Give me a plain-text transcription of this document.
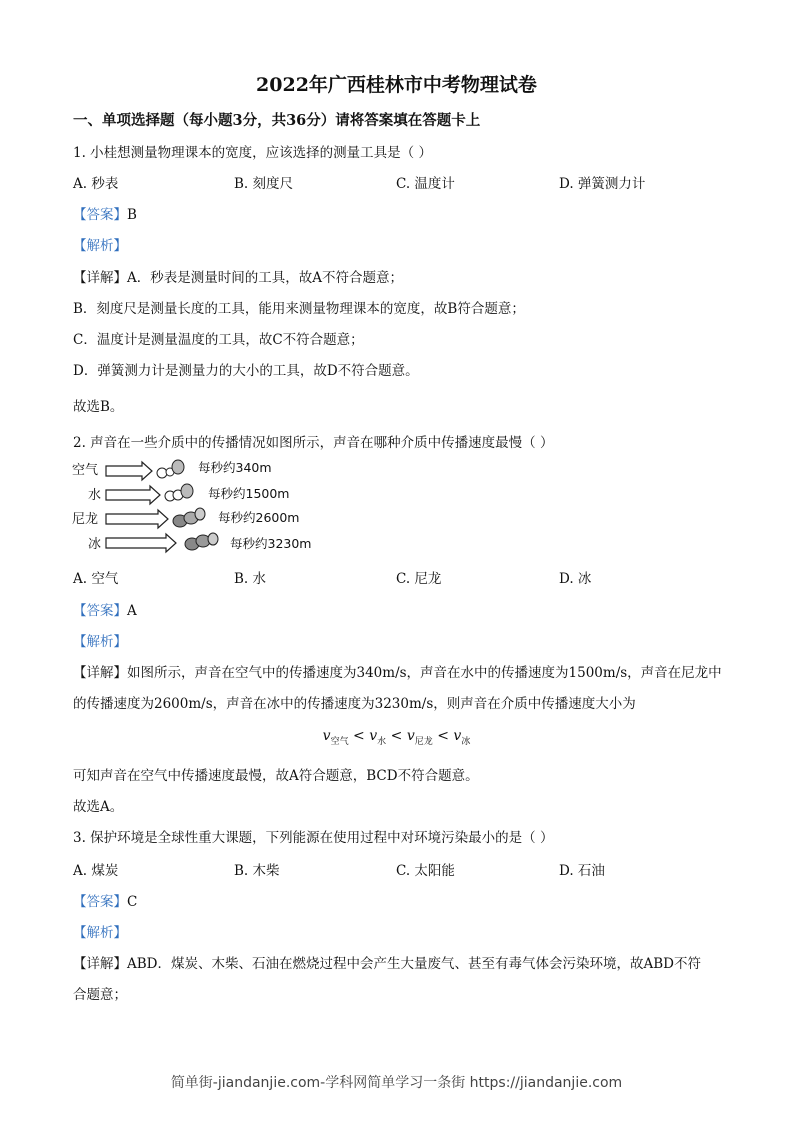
2022年广西桂林市中考物理试卷
一、单项选择题（每小题3分，共36分）请将答案填在答题卡上
1. 小桂想测量物理课本的宽度，应该选择的测量工具是（ ）
A. 秒表	B. 刻度尺	C. 温度计	D. 弹簧测力计
【答案】B
【解析】
【详解】A．秒表是测量时间的工具，故A不符合题意；
B．刻度尺是测量长度的工具，能用来测量物理课本的宽度，故B符合题意；
C．温度计是测量温度的工具，故C不符合题意；
D．弹簧测力计是测量力的大小的工具，故D不符合题意。
故选B。
2. 声音在一些介质中的传播情况如图所示，声音在哪种介质中传播速度最慢（ ）
空气	每秒约340m
水	每秒约1500m
尼龙	每秒约2600m
冰	每秒约3230m
A. 空气	B. 水	C. 尼龙	D. 冰
【答案】A
【解析】
【详解】如图所示，声音在空气中的传播速度为340m/s，声音在水中的传播速度为1500m/s，声音在尼龙中
的传播速度为2600m/s，声音在冰中的传播速度为3230m/s，则声音在介质中传播速度大小为
$v_{空气} < v_水 < v_{尼龙} < v_冰$
可知声音在空气中传播速度最慢，故A符合题意，BCD不符合题意。
故选A。
3. 保护环境是全球性重大课题，下列能源在使用过程中对环境污染最小的是（ ）
A. 煤炭	B. 木柴	C. 太阳能	D. 石油
【答案】C
【解析】
【详解】ABD．煤炭、木柴、石油在燃烧过程中会产生大量废气、甚至有毒气体会污染环境，故ABD不符
合题意；
简单街-jiandanjie.com-学科网简单学习一条街 https://jiandanjie.com
